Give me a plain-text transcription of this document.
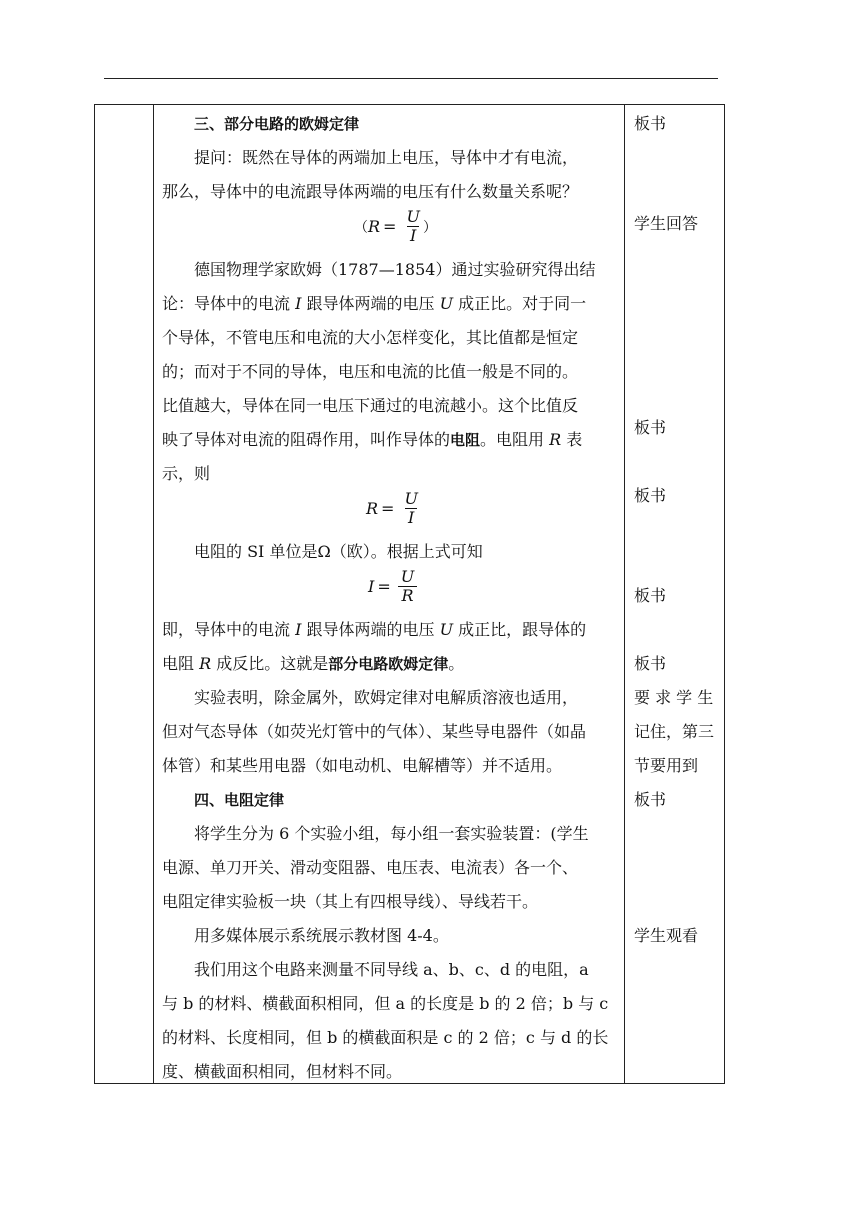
三、部分电路的欧姆定律
提问：既然在导体的两端加上电压，导体中才有电流，
那么，导体中的电流跟导体两端的电压有什么数量关系呢？
（ $R = \frac{U}{I}$ ）
德国物理学家欧姆（1787—1854）通过实验研究得出结
论：导体中的电流 I 跟导体两端的电压 U 成正比。对于同一
个导体，不管电压和电流的大小怎样变化，其比值都是恒定
的；而对于不同的导体，电压和电流的比值一般是不同的。
比值越大，导体在同一电压下通过的电流越小。这个比值反
映了导体对电流的阻碍作用，叫作导体的电阻。电阻用 R 表
示，则
$R = \frac{U}{I}$
电阻的 SI 单位是Ω（欧）。根据上式可知
$I = \frac{U}{R}$
即，导体中的电流 I 跟导体两端的电压 U 成正比，跟导体的
电阻 R 成反比。这就是部分电路欧姆定律。
实验表明，除金属外，欧姆定律对电解质溶液也适用，
但对气态导体（如荧光灯管中的气体）、某些导电器件（如晶
体管）和某些用电器（如电动机、电解槽等）并不适用。
四、电阻定律
将学生分为 6 个实验小组，每小组一套实验装置：(学生
电源、单刀开关、滑动变阻器、电压表、电流表）各一个、
电阻定律实验板一块（其上有四根导线）、导线若干。
用多媒体展示系统展示教材图 4-4。
我们用这个电路来测量不同导线 a、b、c、d 的电阻，a
与 b 的材料、横截面积相同，但 a 的长度是 b 的 2 倍；b 与 c
的材料、长度相同，但 b 的横截面积是 c 的 2 倍；c 与 d 的长
度、横截面积相同，但材料不同。
板书
学生回答
板书
板书
板书
板书
要 求 学 生
记住，第三
节要用到
板书
学生观看
